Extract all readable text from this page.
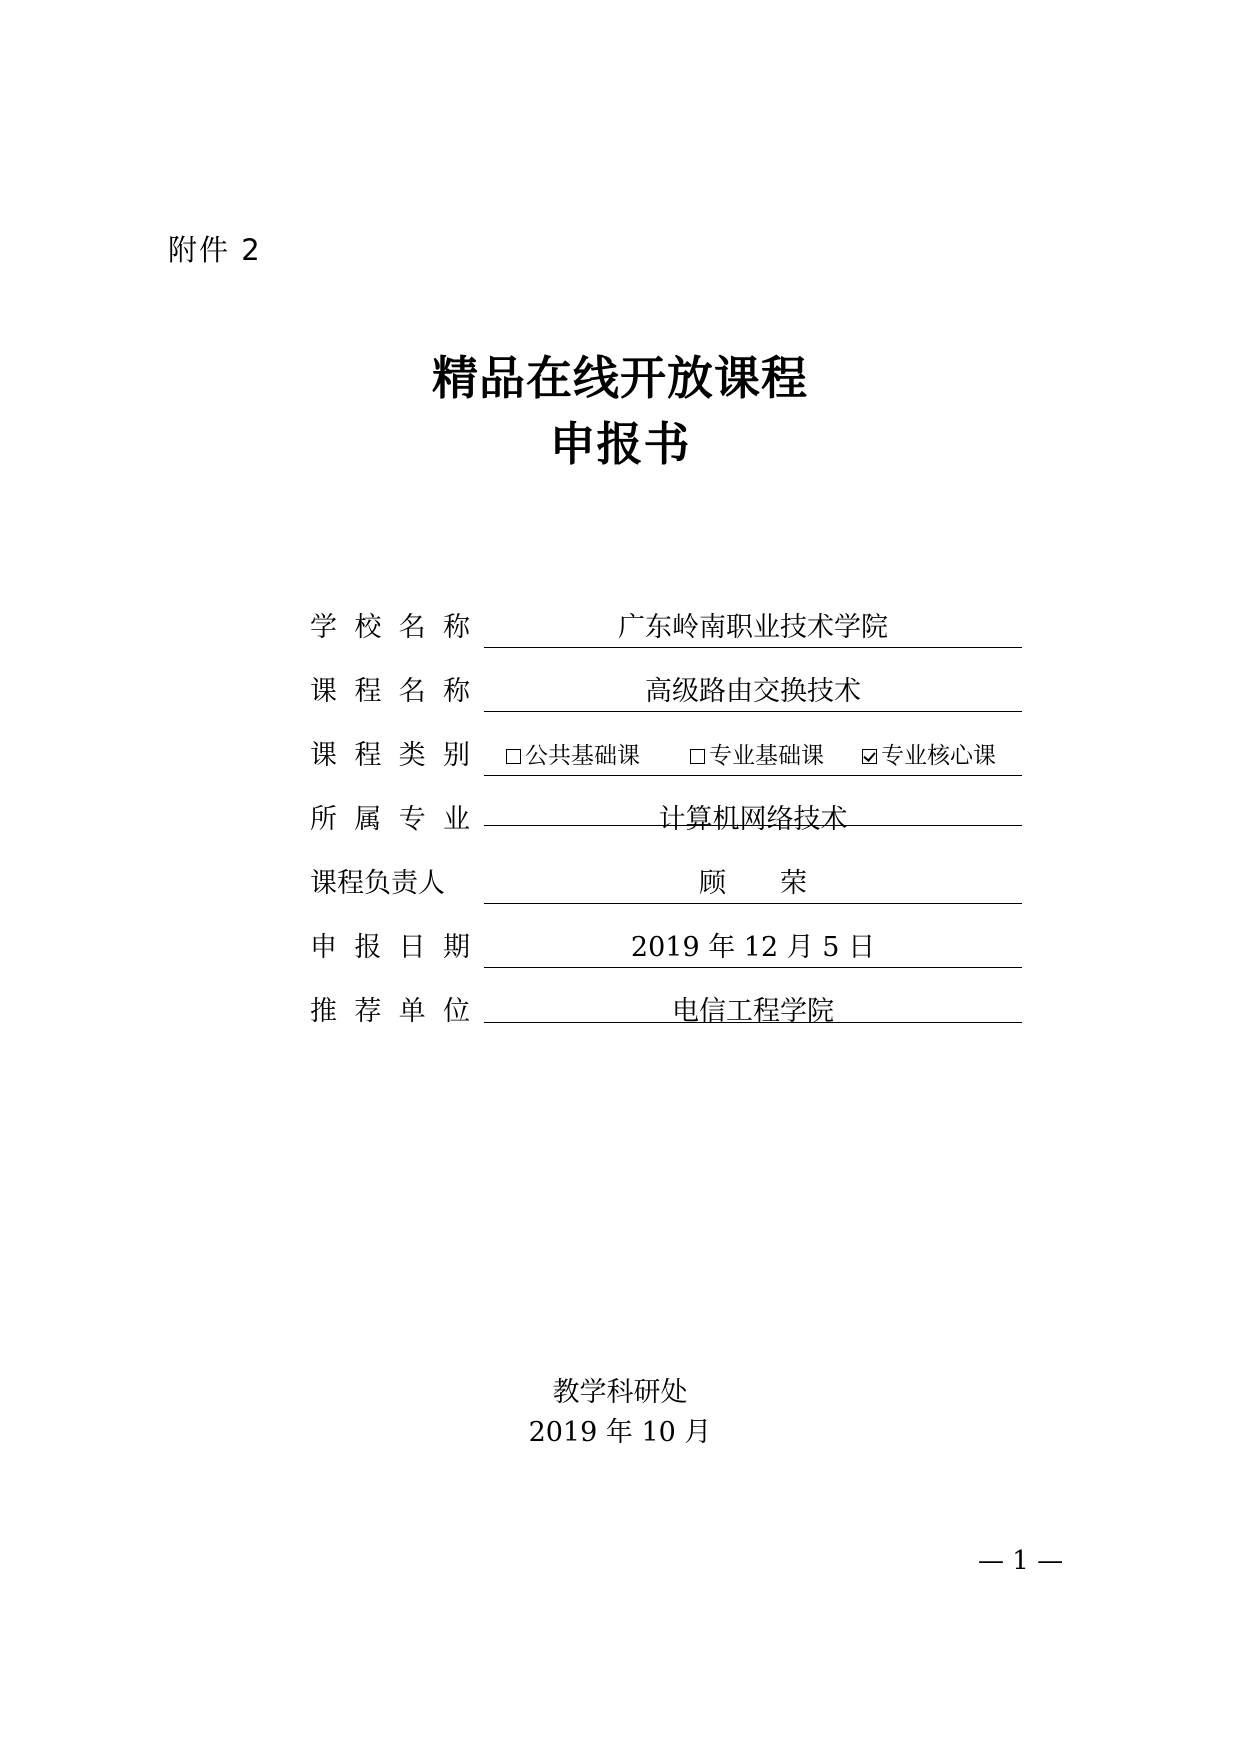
附件 2
精品在线开放课程
申报书
学 校 名 称	广东岭南职业技术学院
课 程 名 称	高级路由交换技术
课 程 类 别 公共基础课	专业基础课 专业核心课
所 属 专 业	计算机网络技术
课程负责人	顾　　荣
申 报 日 期	2019 年 12 月 5 日
推 荐 单 位	电信工程学院
教学科研处
2019 年 10 月
— 1 —
